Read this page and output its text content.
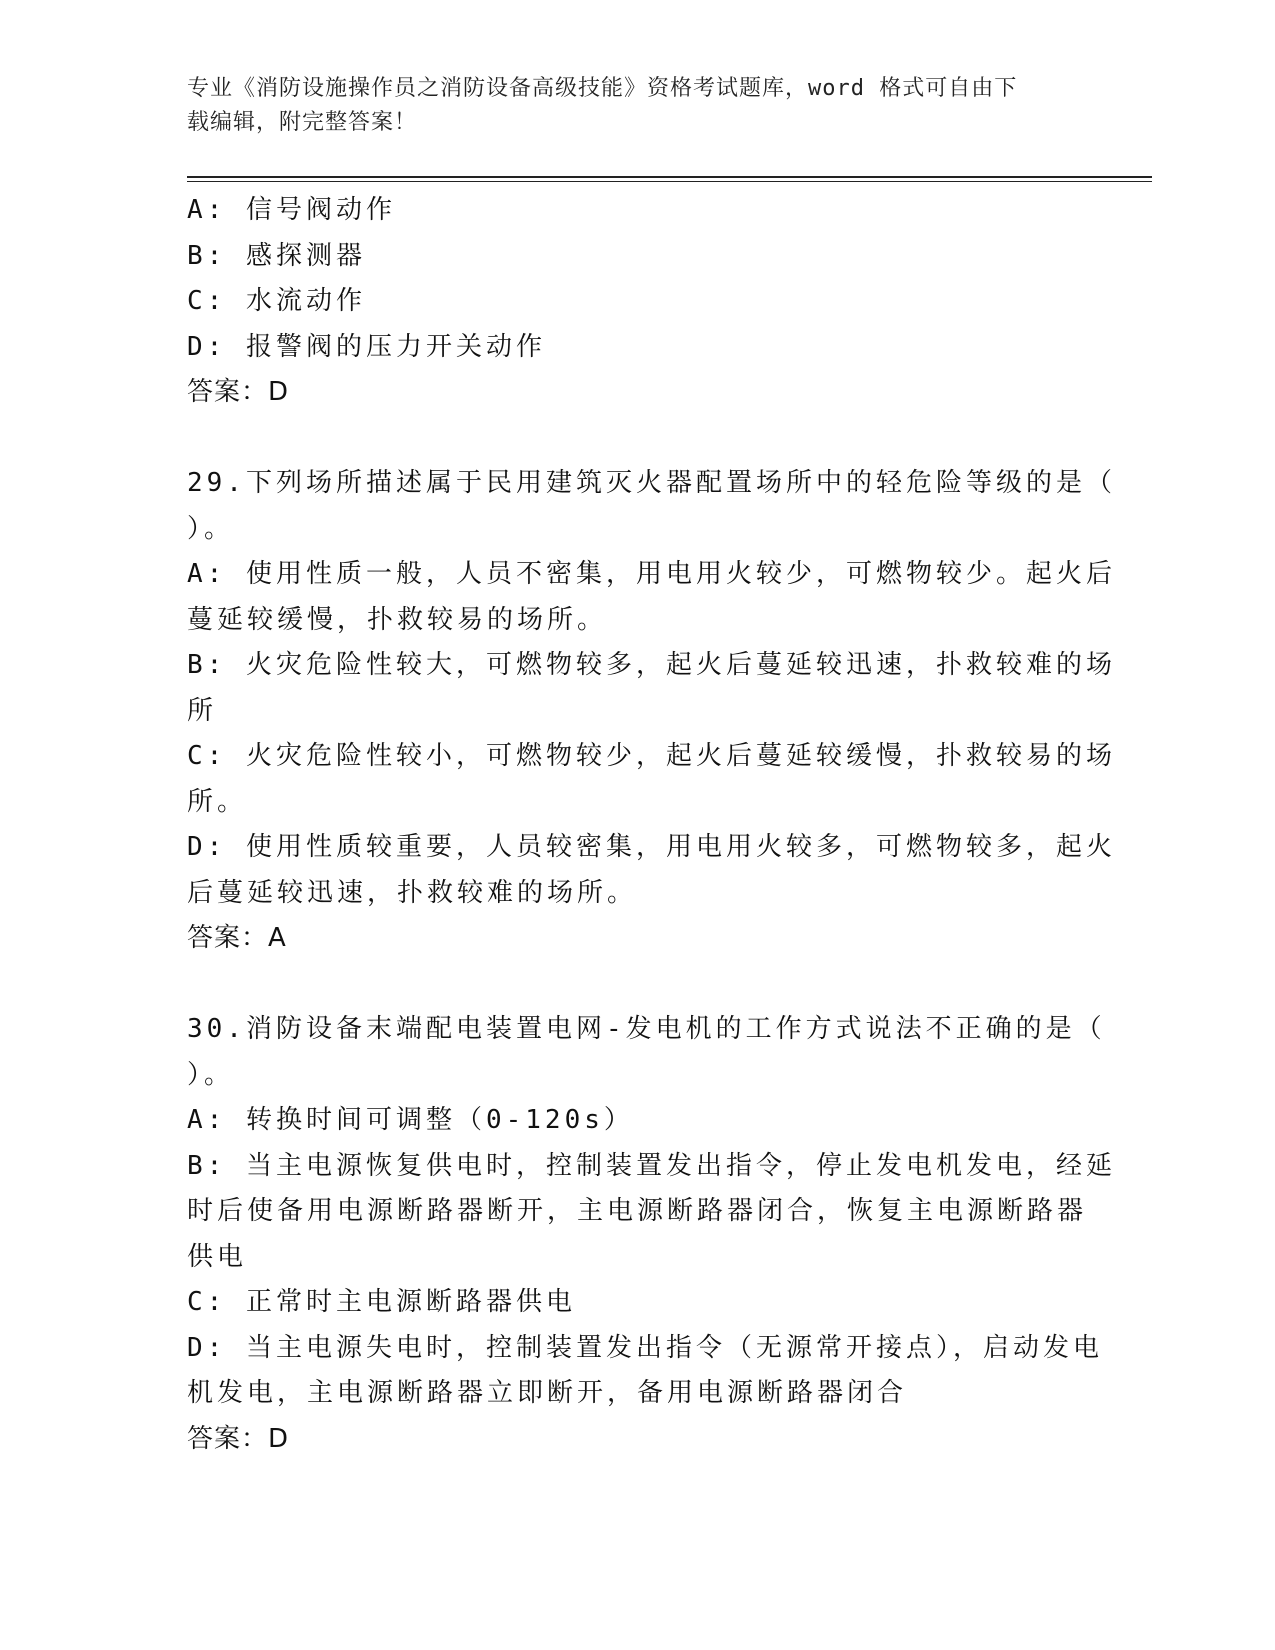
专业《消防设施操作员之消防设备高级技能》资格考试题库，word 格式可自由下
载编辑，附完整答案！
A: 信号阀动作
B: 感探测器
C: 水流动作
D: 报警阀的压力开关动作
答案：D
29.下列场所描述属于民用建筑灭火器配置场所中的轻危险等级的是（
）。
A: 使用性质一般，人员不密集，用电用火较少，可燃物较少。起火后
蔓延较缓慢，扑救较易的场所。
B: 火灾危险性较大，可燃物较多，起火后蔓延较迅速，扑救较难的场
所
C: 火灾危险性较小，可燃物较少，起火后蔓延较缓慢，扑救较易的场
所。
D: 使用性质较重要，人员较密集，用电用火较多，可燃物较多，起火
后蔓延较迅速，扑救较难的场所。
答案：A
30.消防设备末端配电装置电网-发电机的工作方式说法不正确的是（
）。
A: 转换时间可调整（0-120s）
B: 当主电源恢复供电时，控制装置发出指令，停止发电机发电，经延
时后使备用电源断路器断开，主电源断路器闭合，恢复主电源断路器
供电
C: 正常时主电源断路器供电
D: 当主电源失电时，控制装置发出指令（无源常开接点），启动发电
机发电，主电源断路器立即断开，备用电源断路器闭合
答案：D
